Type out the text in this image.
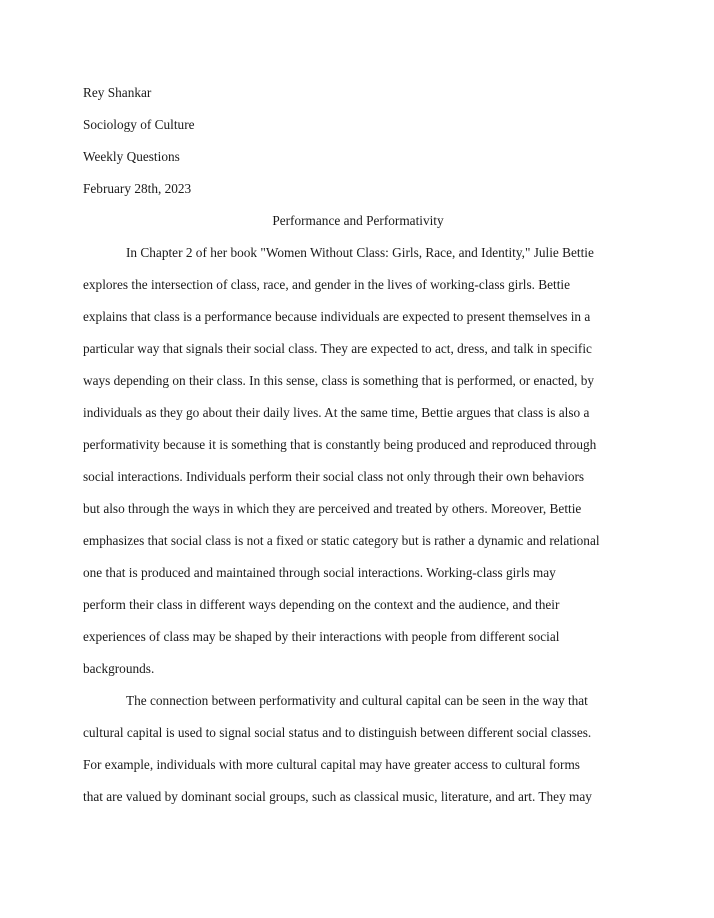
Rey Shankar

Sociology of Culture

Weekly Questions

February 28th, 2023

Performance and Performativity

In Chapter 2 of her book "Women Without Class: Girls, Race, and Identity," Julie Bettie
explores the intersection of class, race, and gender in the lives of working-class girls. Bettie
explains that class is a performance because individuals are expected to present themselves in a
particular way that signals their social class. They are expected to act, dress, and talk in specific
ways depending on their class. In this sense, class is something that is performed, or enacted, by
individuals as they go about their daily lives. At the same time, Bettie argues that class is also a
performativity because it is something that is constantly being produced and reproduced through
social interactions. Individuals perform their social class not only through their own behaviors
but also through the ways in which they are perceived and treated by others. Moreover, Bettie
emphasizes that social class is not a fixed or static category but is rather a dynamic and relational
one that is produced and maintained through social interactions. Working-class girls may
perform their class in different ways depending on the context and the audience, and their
experiences of class may be shaped by their interactions with people from different social
backgrounds.
The connection between performativity and cultural capital can be seen in the way that
cultural capital is used to signal social status and to distinguish between different social classes.
For example, individuals with more cultural capital may have greater access to cultural forms
that are valued by dominant social groups, such as classical music, literature, and art. They may
